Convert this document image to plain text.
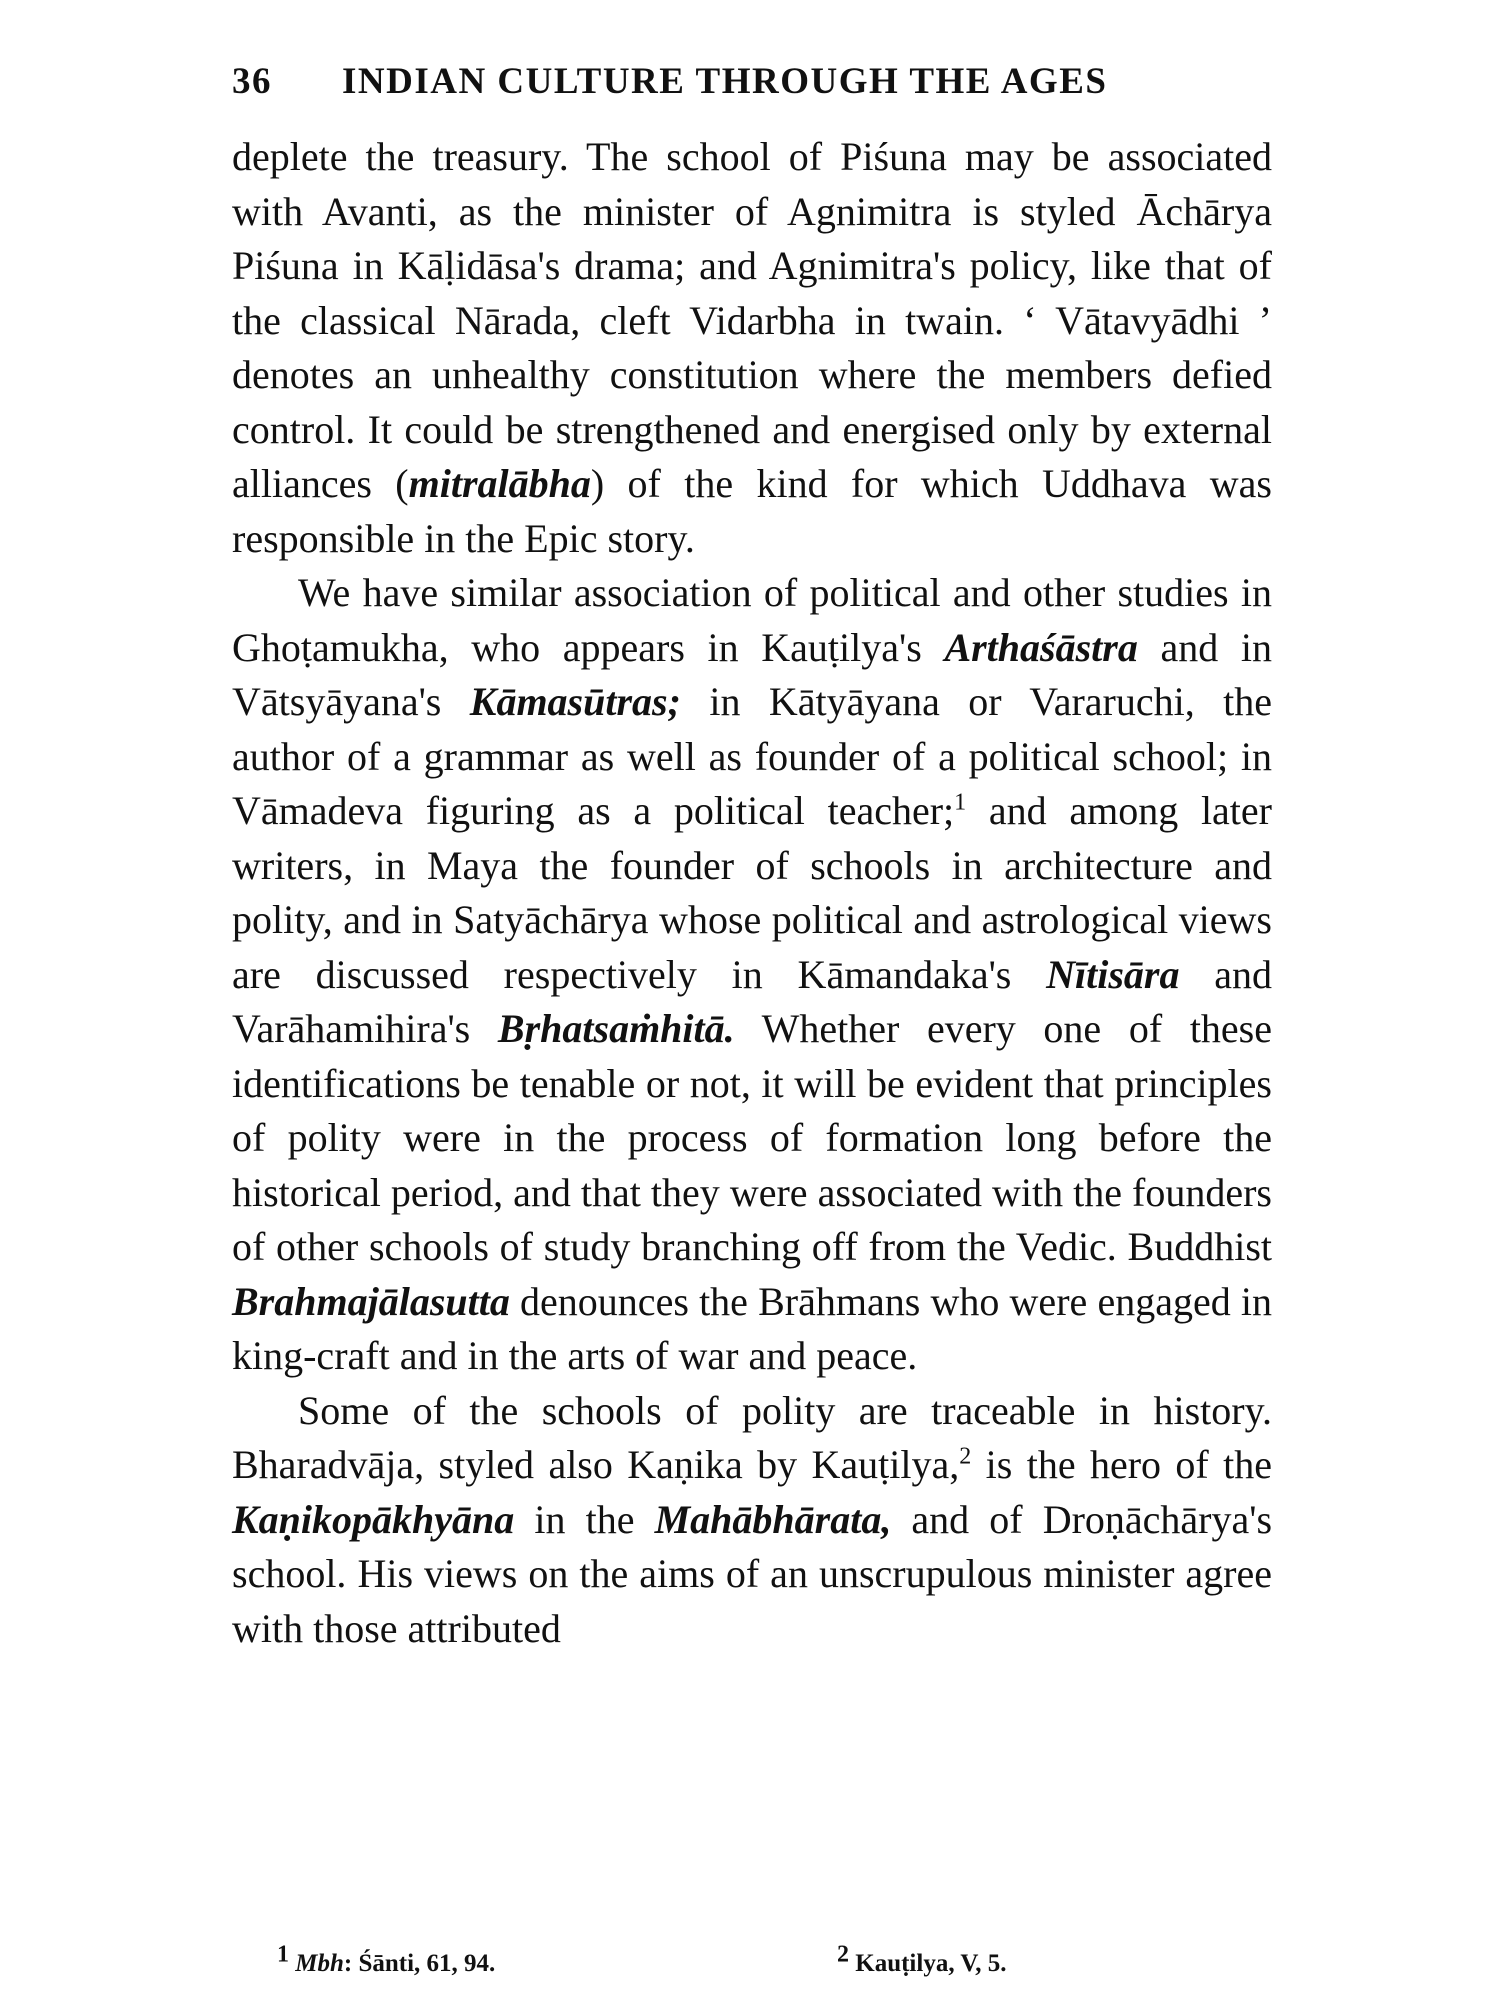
36	INDIAN CULTURE THROUGH THE AGES

deplete the treasury. The school of Piśuna may be associated with Avanti, as the minister of Agnimitra is styled Āchārya Piśuna in Kāḷidāsa's drama; and Agnimitra's policy, like that of the classical Nārada, cleft Vidarbha in twain. ‘ Vātavyādhi ’ denotes an unhealthy constitution where the members defied control. It could be strengthened and energised only by external alliances (mitralābha) of the kind for which Uddhava was responsible in the Epic story.

We have similar association of political and other studies in Ghoṭamukha, who appears in Kauṭilya's Arthaśāstra and in Vātsyāyana's Kāmasūtras; in Kātyāyana or Vararuchi, the author of a grammar as well as founder of a political school; in Vāmadeva figuring as a political teacher;$^1$ and among later writers, in Maya the founder of schools in architecture and polity, and in Satyāchārya whose political and astrological views are discussed respectively in Kāmandaka's Nītisāra and Varāhamihira's Bṛhatsaṁhitā. Whether every one of these identifications be tenable or not, it will be evident that principles of polity were in the process of formation long before the historical period, and that they were associated with the founders of other schools of study branching off from the Vedic. Buddhist Brahmajālasutta denounces the Brāhmans who were engaged in king-craft and in the arts of war and peace.

Some of the schools of polity are traceable in history. Bharadvāja, styled also Kaṇika by Kauṭilya,$^2$ is the hero of the Kaṇikopākhyāna in the Mahābhārata, and of Droṇāchārya's school. His views on the aims of an unscrupulous minister agree with those attributed

$^1$ Mbh: Śānti, 61, 94.	$^2$ Kauṭilya, V, 5.
